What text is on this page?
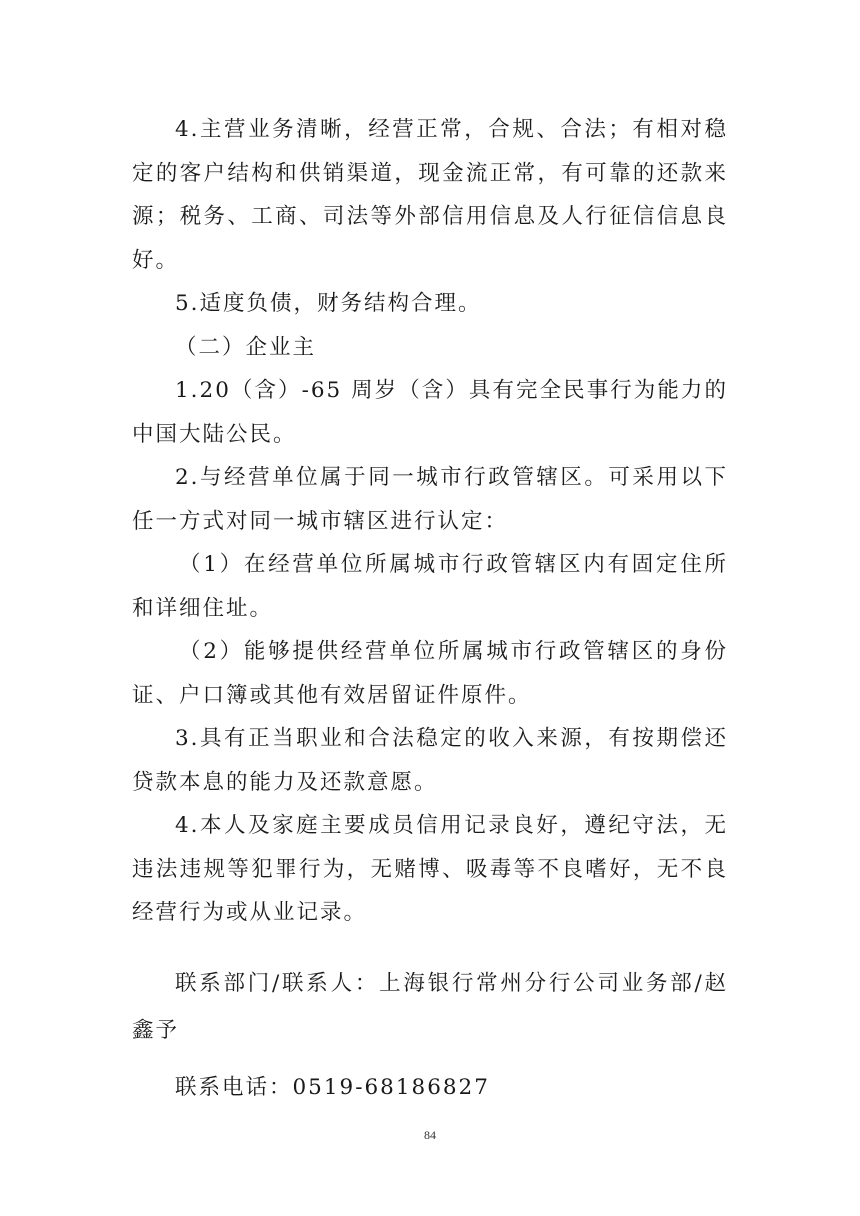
4.主营业务清晰，经营正常，合规、合法；有相对稳定的客户结构和供销渠道，现金流正常，有可靠的还款来源；税务、工商、司法等外部信用信息及人行征信信息良好。

5.适度负债，财务结构合理。

（二）企业主

1.20（含）-65 周岁（含）具有完全民事行为能力的中国大陆公民。

2.与经营单位属于同一城市行政管辖区。可采用以下任一方式对同一城市辖区进行认定：

（1）在经营单位所属城市行政管辖区内有固定住所和详细住址。

（2）能够提供经营单位所属城市行政管辖区的身份证、户口簿或其他有效居留证件原件。

3.具有正当职业和合法稳定的收入来源，有按期偿还贷款本息的能力及还款意愿。

4.本人及家庭主要成员信用记录良好，遵纪守法，无违法违规等犯罪行为，无赌博、吸毒等不良嗜好，无不良经营行为或从业记录。

联系部门/联系人：上海银行常州分行公司业务部/赵鑫予

联系电话：0519-68186827

84
